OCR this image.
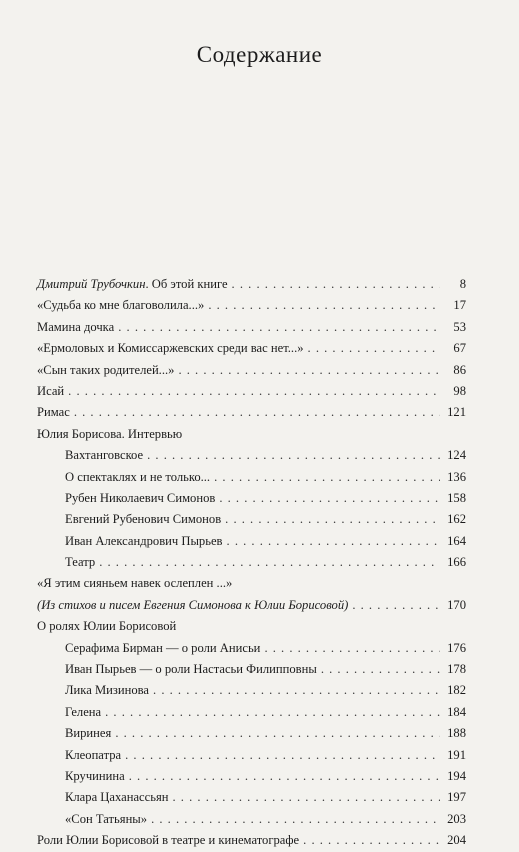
Содержание
Дмитрий Трубочкин. Об этой книге . . .	8
«Судьба ко мне благоволила...» . . .	17
Мамина дочка . . .	53
«Ермоловых и Комиссаржевских среди вас нет...» . . .	67
«Сын таких родителей...» . . .	86
Исай . . .	98
Римас . . .	121
Юлия Борисова. Интервью
Вахтанговское . . .	124
О спектаклях и не только... . . .	136
Рубен Николаевич Симонов . . .	158
Евгений Рубенович Симонов . . .	162
Иван Александрович Пырьев . . .	164
Театр . . .	166
«Я этим сияньем навек ослеплен ...»
(Из стихов и писем Евгения Симонова к Юлии Борисовой) . . .	170
О ролях Юлии Борисовой
Серафима Бирман — о роли Анисьи . . .	176
Иван Пырьев — о роли Настасьи Филипповны . . .	178
Лика Мизинова . . .	182
Гелена . . .	184
Виринея . . .	188
Клеопатра . . .	191
Кручинина . . .	194
Клара Цаханассьян . . .	197
«Сон Татьяны» . . .	203
Роли Юлии Борисовой в театре и кинематографе . . .	204
